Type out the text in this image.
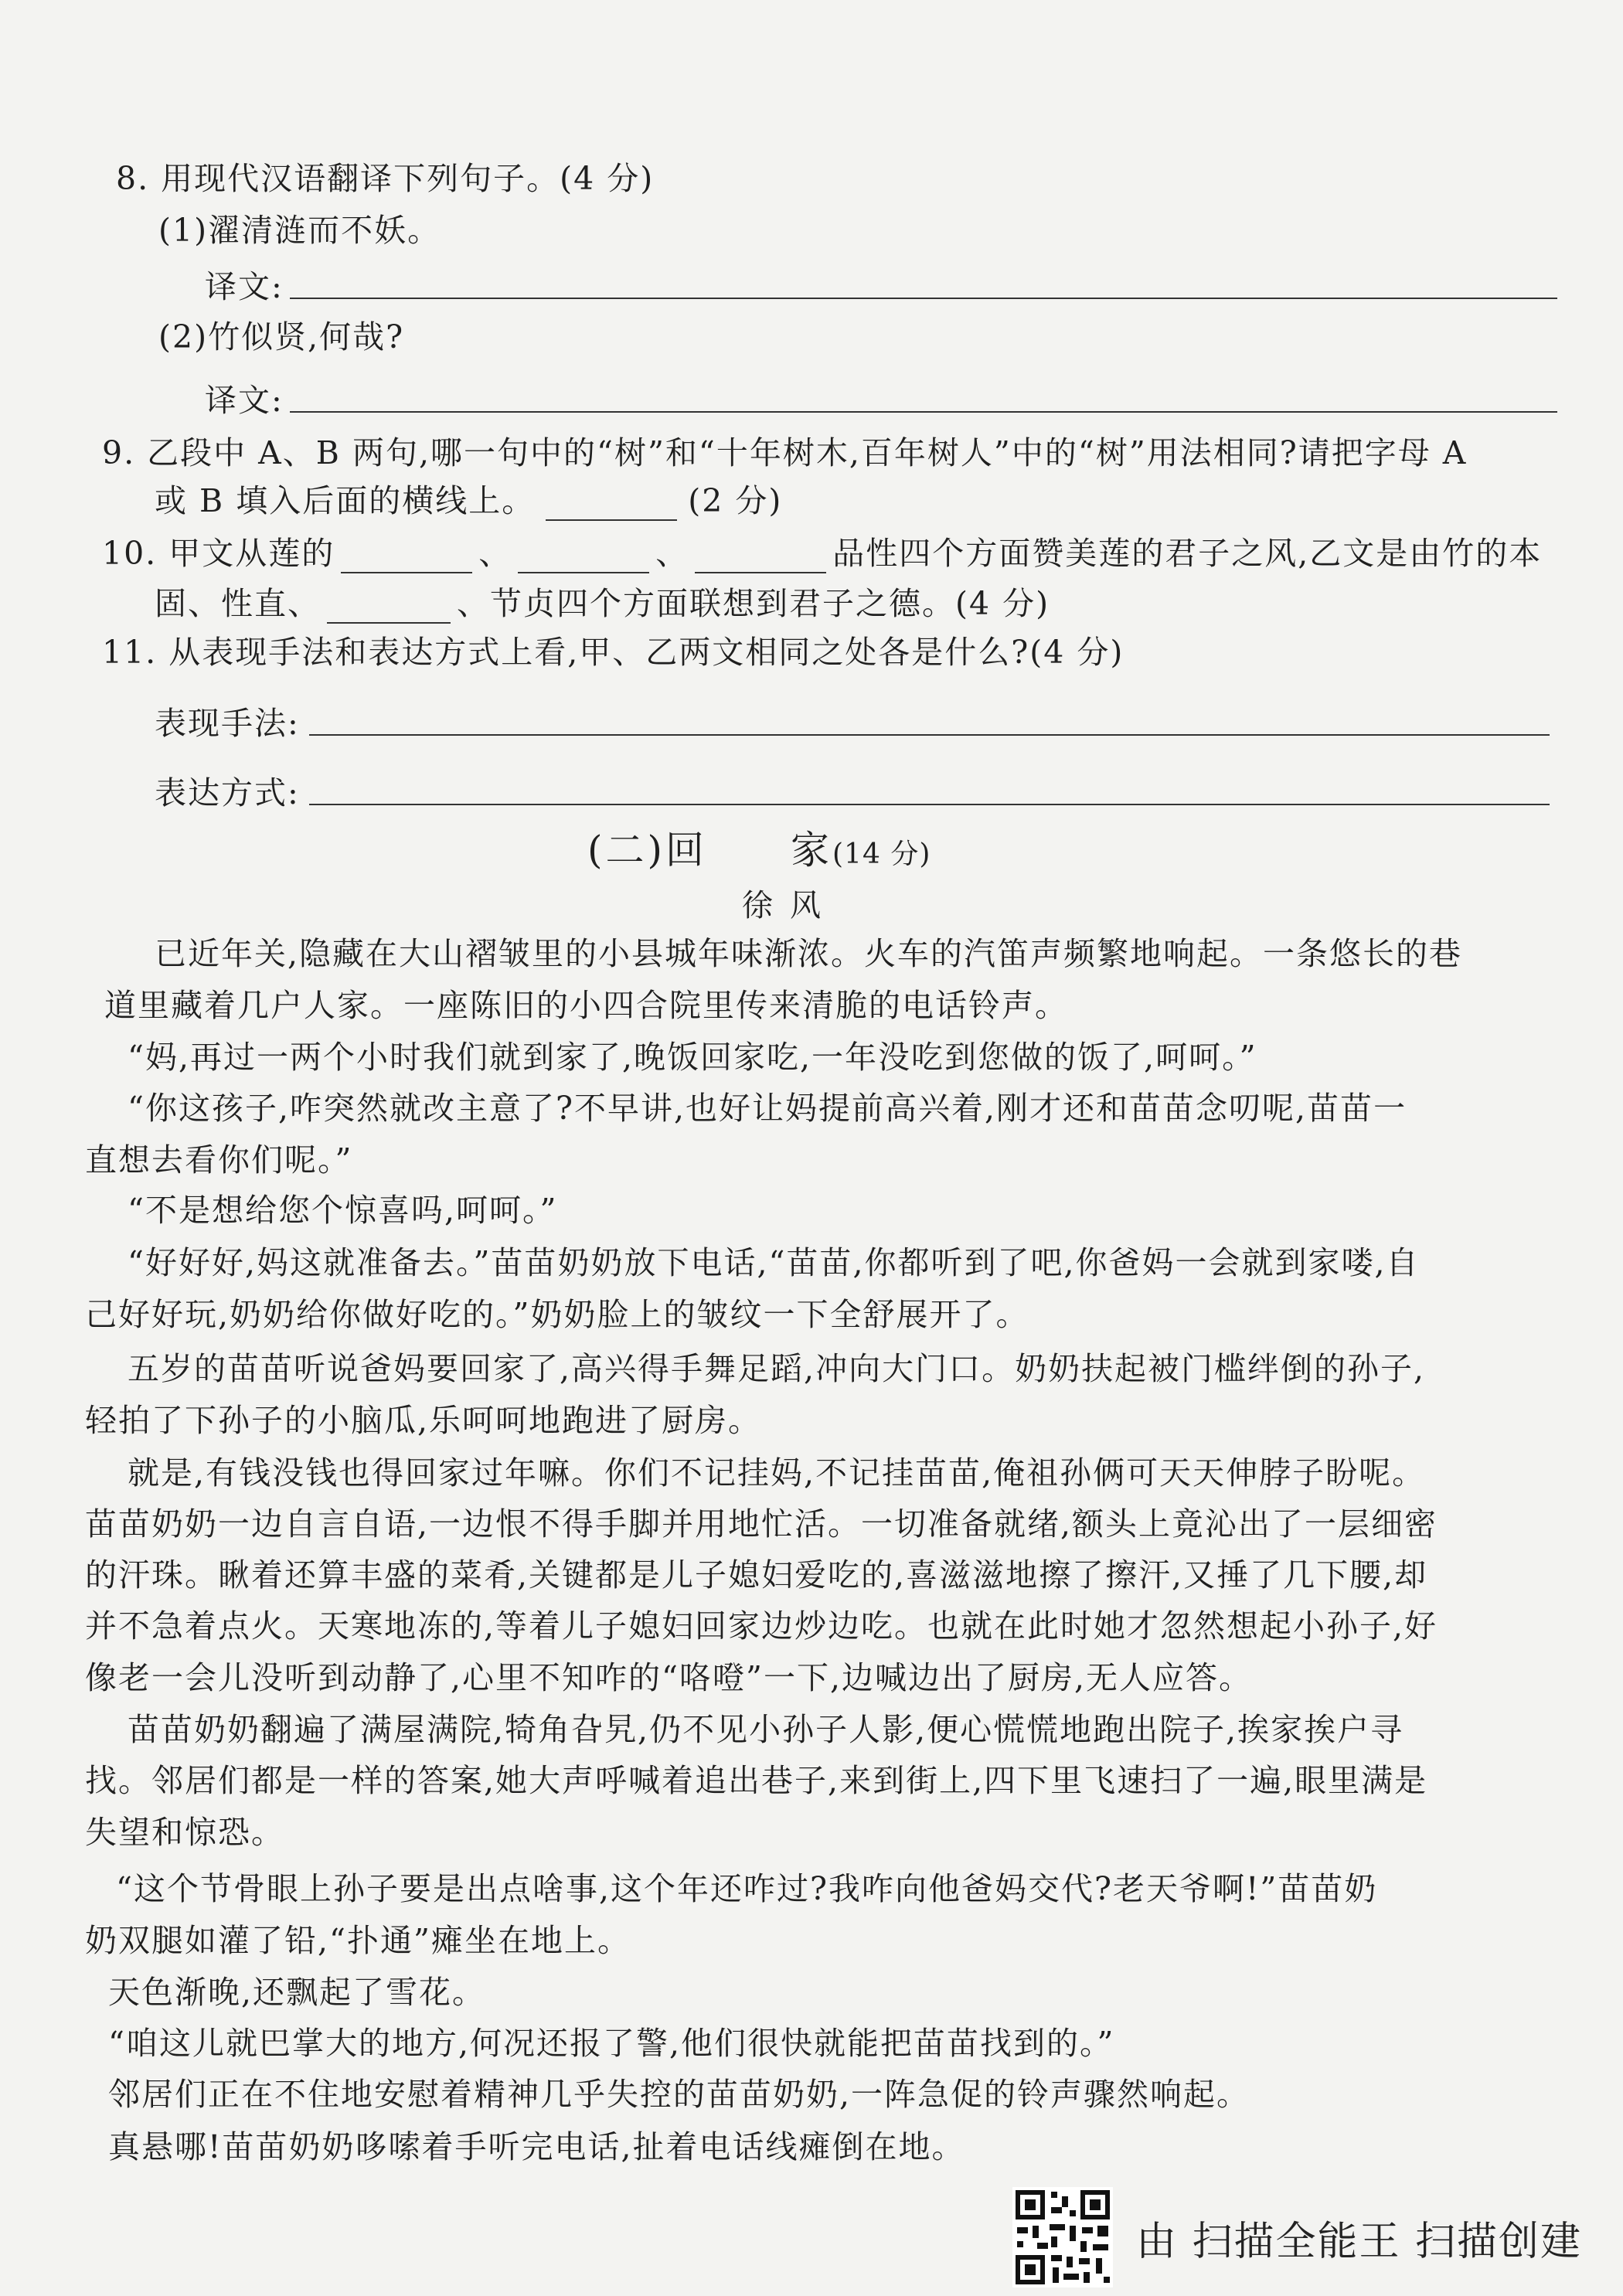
8. 用现代汉语翻译下列句子。(4 分)
(1)濯清涟而不妖。
译文:
(2)竹似贤,何哉?
译文:
9. 乙段中 A、B 两句,哪一句中的“树”和“十年树木,百年树人”中的“树”用法相同?请把字母 A
或 B 填入后面的横线上。	(2 分)
10. 甲文从莲的	、	、	品性四个方面赞美莲的君子之风,乙文是由竹的本
固、性直、	、节贞四个方面联想到君子之德。(4 分)
11. 从表现手法和表达方式上看,甲、乙两文相同之处各是什么?(4 分)
表现手法:
表达方式:
(二)回　　家(14 分)
徐风
已近年关,隐藏在大山褶皱里的小县城年味渐浓。火车的汽笛声频繁地响起。一条悠长的巷
道里藏着几户人家。一座陈旧的小四合院里传来清脆的电话铃声。
“妈,再过一两个小时我们就到家了,晚饭回家吃,一年没吃到您做的饭了,呵呵。”
“你这孩子,咋突然就改主意了?不早讲,也好让妈提前高兴着,刚才还和苗苗念叨呢,苗苗一
直想去看你们呢。”
“不是想给您个惊喜吗,呵呵。”
“好好好,妈这就准备去。”苗苗奶奶放下电话,“苗苗,你都听到了吧,你爸妈一会就到家喽,自
己好好玩,奶奶给你做好吃的。”奶奶脸上的皱纹一下全舒展开了。
五岁的苗苗听说爸妈要回家了,高兴得手舞足蹈,冲向大门口。奶奶扶起被门槛绊倒的孙子,
轻拍了下孙子的小脑瓜,乐呵呵地跑进了厨房。
就是,有钱没钱也得回家过年嘛。你们不记挂妈,不记挂苗苗,俺祖孙俩可天天伸脖子盼呢。
苗苗奶奶一边自言自语,一边恨不得手脚并用地忙活。一切准备就绪,额头上竟沁出了一层细密
的汗珠。瞅着还算丰盛的菜肴,关键都是儿子媳妇爱吃的,喜滋滋地擦了擦汗,又捶了几下腰,却
并不急着点火。天寒地冻的,等着儿子媳妇回家边炒边吃。也就在此时她才忽然想起小孙子,好
像老一会儿没听到动静了,心里不知咋的“咯噔”一下,边喊边出了厨房,无人应答。
苗苗奶奶翻遍了满屋满院,犄角旮旯,仍不见小孙子人影,便心慌慌地跑出院子,挨家挨户寻
找。邻居们都是一样的答案,她大声呼喊着追出巷子,来到街上,四下里飞速扫了一遍,眼里满是
失望和惊恐。
“这个节骨眼上孙子要是出点啥事,这个年还咋过?我咋向他爸妈交代?老天爷啊!”苗苗奶
奶双腿如灌了铅,“扑通”瘫坐在地上。
天色渐晚,还飘起了雪花。
“咱这儿就巴掌大的地方,何况还报了警,他们很快就能把苗苗找到的。”
邻居们正在不住地安慰着精神几乎失控的苗苗奶奶,一阵急促的铃声骤然响起。
真悬哪!苗苗奶奶哆嗦着手听完电话,扯着电话线瘫倒在地。
由 扫描全能王 扫描创建
